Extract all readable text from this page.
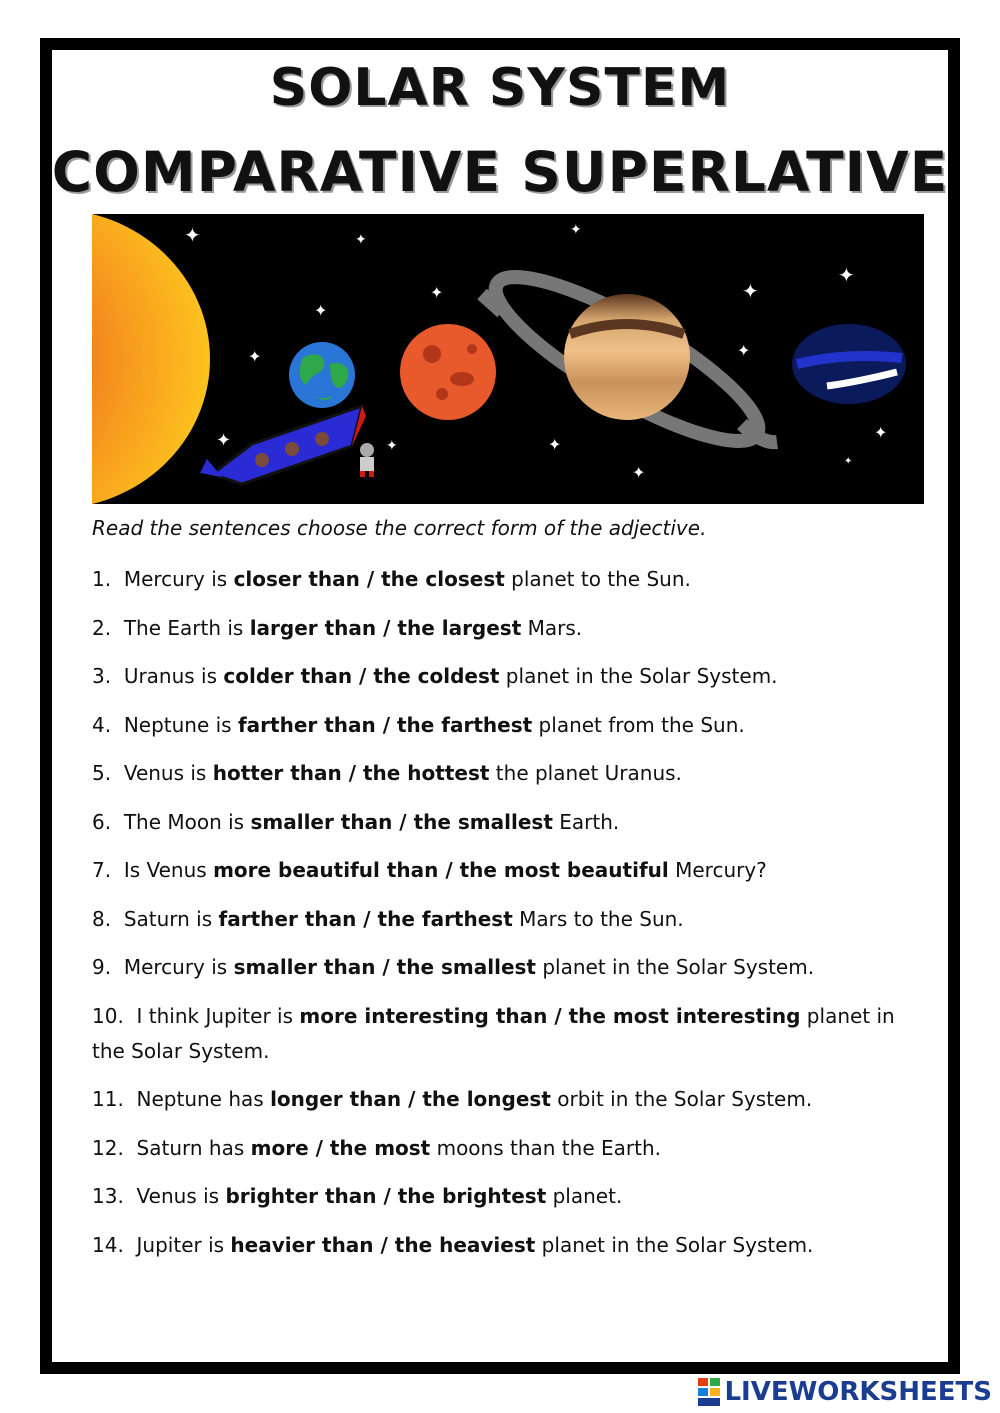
SOLAR SYSTEM
COMPARATIVE SUPERLATIVE
✦	✦
✦
✦
✦
✦
✦
✦
✦
✦	✦	✦
✦
✦
✦
Read the sentences choose the correct form of the adjective.
1. Mercury is closer than / the closest planet to the Sun.
2. The Earth is larger than / the largest Mars.
3. Uranus is colder than / the coldest planet in the Solar System.
4. Neptune is farther than / the farthest planet from the Sun.
5. Venus is hotter than / the hottest the planet Uranus.
6. The Moon is smaller than / the smallest Earth.
7. Is Venus more beautiful than / the most beautiful Mercury?
8. Saturn is farther than / the farthest Mars to the Sun.
9. Mercury is smaller than / the smallest planet in the Solar System.
10. I think Jupiter is more interesting than / the most interesting planet in the Solar System.
11. Neptune has longer than / the longest orbit in the Solar System.
12. Saturn has more / the most moons than the Earth.
13. Venus is brighter than / the brightest planet.
14. Jupiter is heavier than / the heaviest planet in the Solar System.
LIVEWORKSHEETS
